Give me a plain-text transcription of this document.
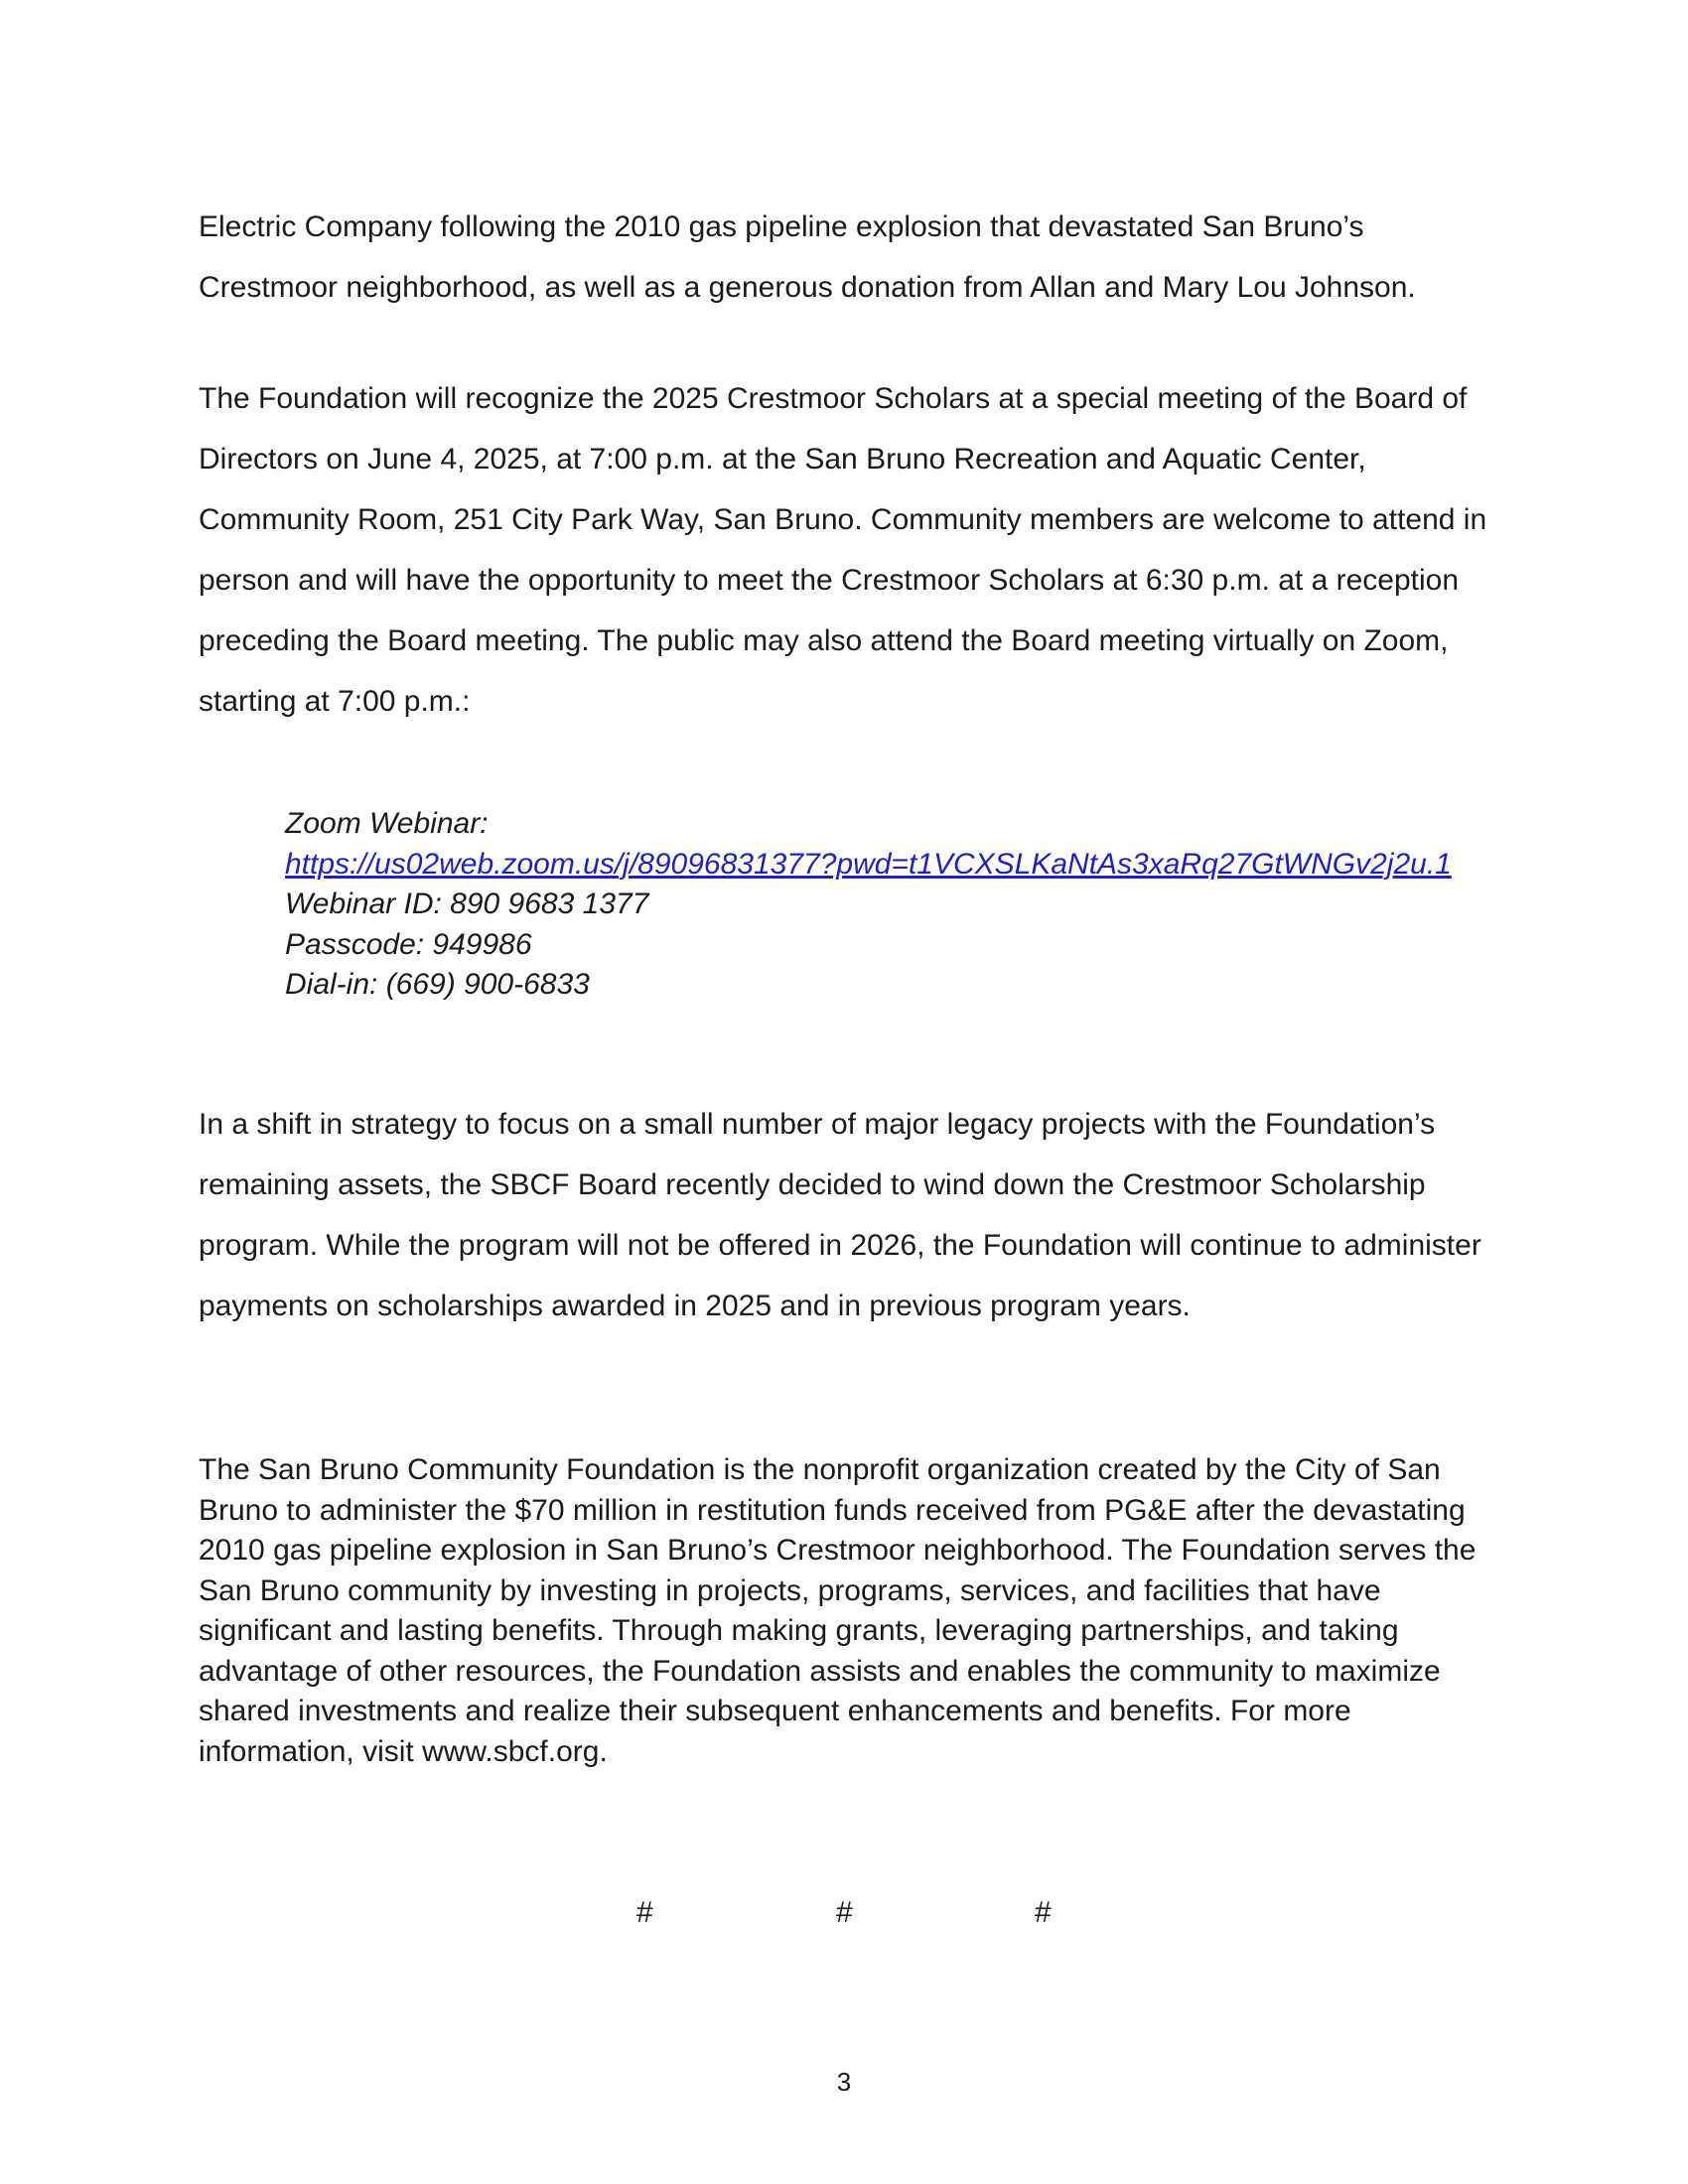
Electric Company following the 2010 gas pipeline explosion that devastated San Bruno’s Crestmoor neighborhood, as well as a generous donation from Allan and Mary Lou Johnson.

The Foundation will recognize the 2025 Crestmoor Scholars at a special meeting of the Board of Directors on June 4, 2025, at 7:00 p.m. at the San Bruno Recreation and Aquatic Center, Community Room, 251 City Park Way, San Bruno. Community members are welcome to attend in person and will have the opportunity to meet the Crestmoor Scholars at 6:30 p.m. at a reception preceding the Board meeting. The public may also attend the Board meeting virtually on Zoom, starting at 7:00 p.m.:

Zoom Webinar:
https://us02web.zoom.us/j/89096831377?pwd=t1VCXSLKaNtAs3xaRq27GtWNGv2j2u.1
Webinar ID: 890 9683 1377
Passcode: 949986
Dial-in: (669) 900-6833

In a shift in strategy to focus on a small number of major legacy projects with the Foundation’s remaining assets, the SBCF Board recently decided to wind down the Crestmoor Scholarship program. While the program will not be offered in 2026, the Foundation will continue to administer payments on scholarships awarded in 2025 and in previous program years.

The San Bruno Community Foundation is the nonprofit organization created by the City of San Bruno to administer the $70 million in restitution funds received from PG&E after the devastating 2010 gas pipeline explosion in San Bruno’s Crestmoor neighborhood. The Foundation serves the San Bruno community by investing in projects, programs, services, and facilities that have significant and lasting benefits. Through making grants, leveraging partnerships, and taking advantage of other resources, the Foundation assists and enables the community to maximize shared investments and realize their subsequent enhancements and benefits. For more information, visit www.sbcf.org.

#	#	#
3
